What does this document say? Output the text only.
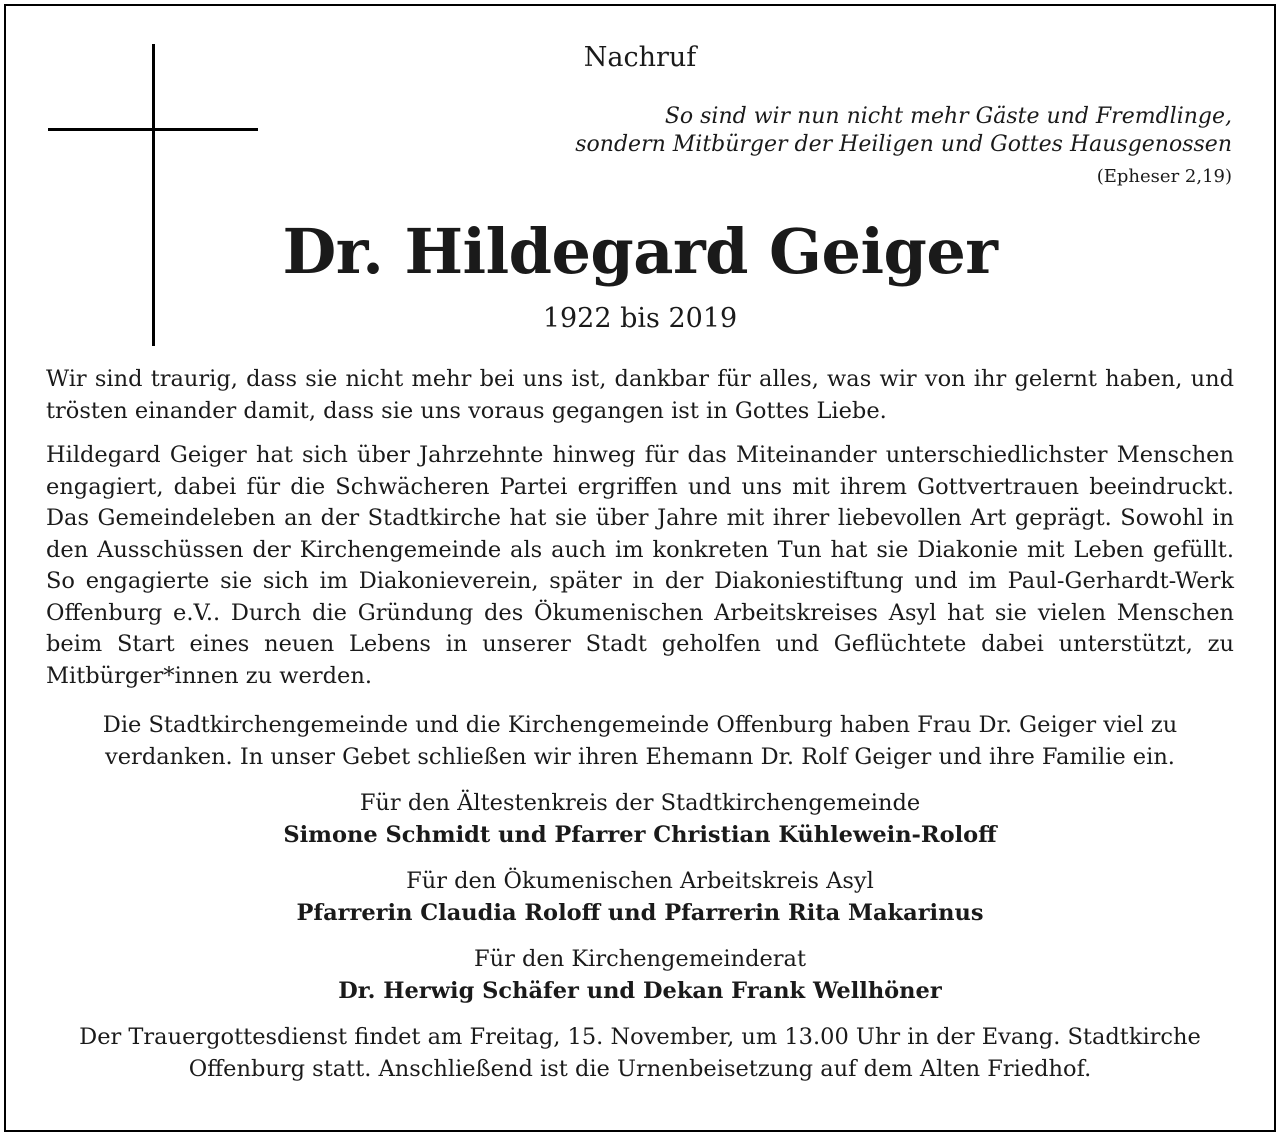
Nachruf
So sind wir nun nicht mehr Gäste und Fremdlinge,
sondern Mitbürger der Heiligen und Gottes Hausgenossen
(Epheser 2,19)
Dr. Hildegard Geiger
1922 bis 2019
Wir sind traurig, dass sie nicht mehr bei uns ist, dankbar für alles, was wir von ihr gelernt haben, und trösten einander damit, dass sie uns voraus gegangen ist in Gottes Liebe.
Hildegard Geiger hat sich über Jahrzehnte hinweg für das Miteinander unterschiedlichster Menschen engagiert, dabei für die Schwächeren Partei ergriffen und uns mit ihrem Gottvertrauen beeindruckt. Das Gemeindeleben an der Stadtkirche hat sie über Jahre mit ihrer liebevollen Art geprägt. Sowohl in den Ausschüssen der Kirchengemeinde als auch im konkreten Tun hat sie Diakonie mit Leben gefüllt. So engagierte sie sich im Diakonieverein, später in der Diakoniestiftung und im Paul-Gerhardt-Werk Offenburg e.V.. Durch die Gründung des Ökumenischen Arbeitskreises Asyl hat sie vielen Menschen beim Start eines neuen Lebens in unserer Stadt geholfen und Geflüchtete dabei unterstützt, zu Mitbürger*innen zu werden.
Die Stadtkirchengemeinde und die Kirchengemeinde Offenburg haben Frau Dr. Geiger viel zu verdanken. In unser Gebet schließen wir ihren Ehemann Dr. Rolf Geiger und ihre Familie ein.
Für den Ältestenkreis der Stadtkirchengemeinde
Simone Schmidt und Pfarrer Christian Kühlewein-Roloff
Für den Ökumenischen Arbeitskreis Asyl
Pfarrerin Claudia Roloff und Pfarrerin Rita Makarinus
Für den Kirchengemeinderat
Dr. Herwig Schäfer und Dekan Frank Wellhöner
Der Trauergottesdienst findet am Freitag, 15. November, um 13.00 Uhr in der Evang. Stadtkirche
Offenburg statt. Anschließend ist die Urnenbeisetzung auf dem Alten Friedhof.
